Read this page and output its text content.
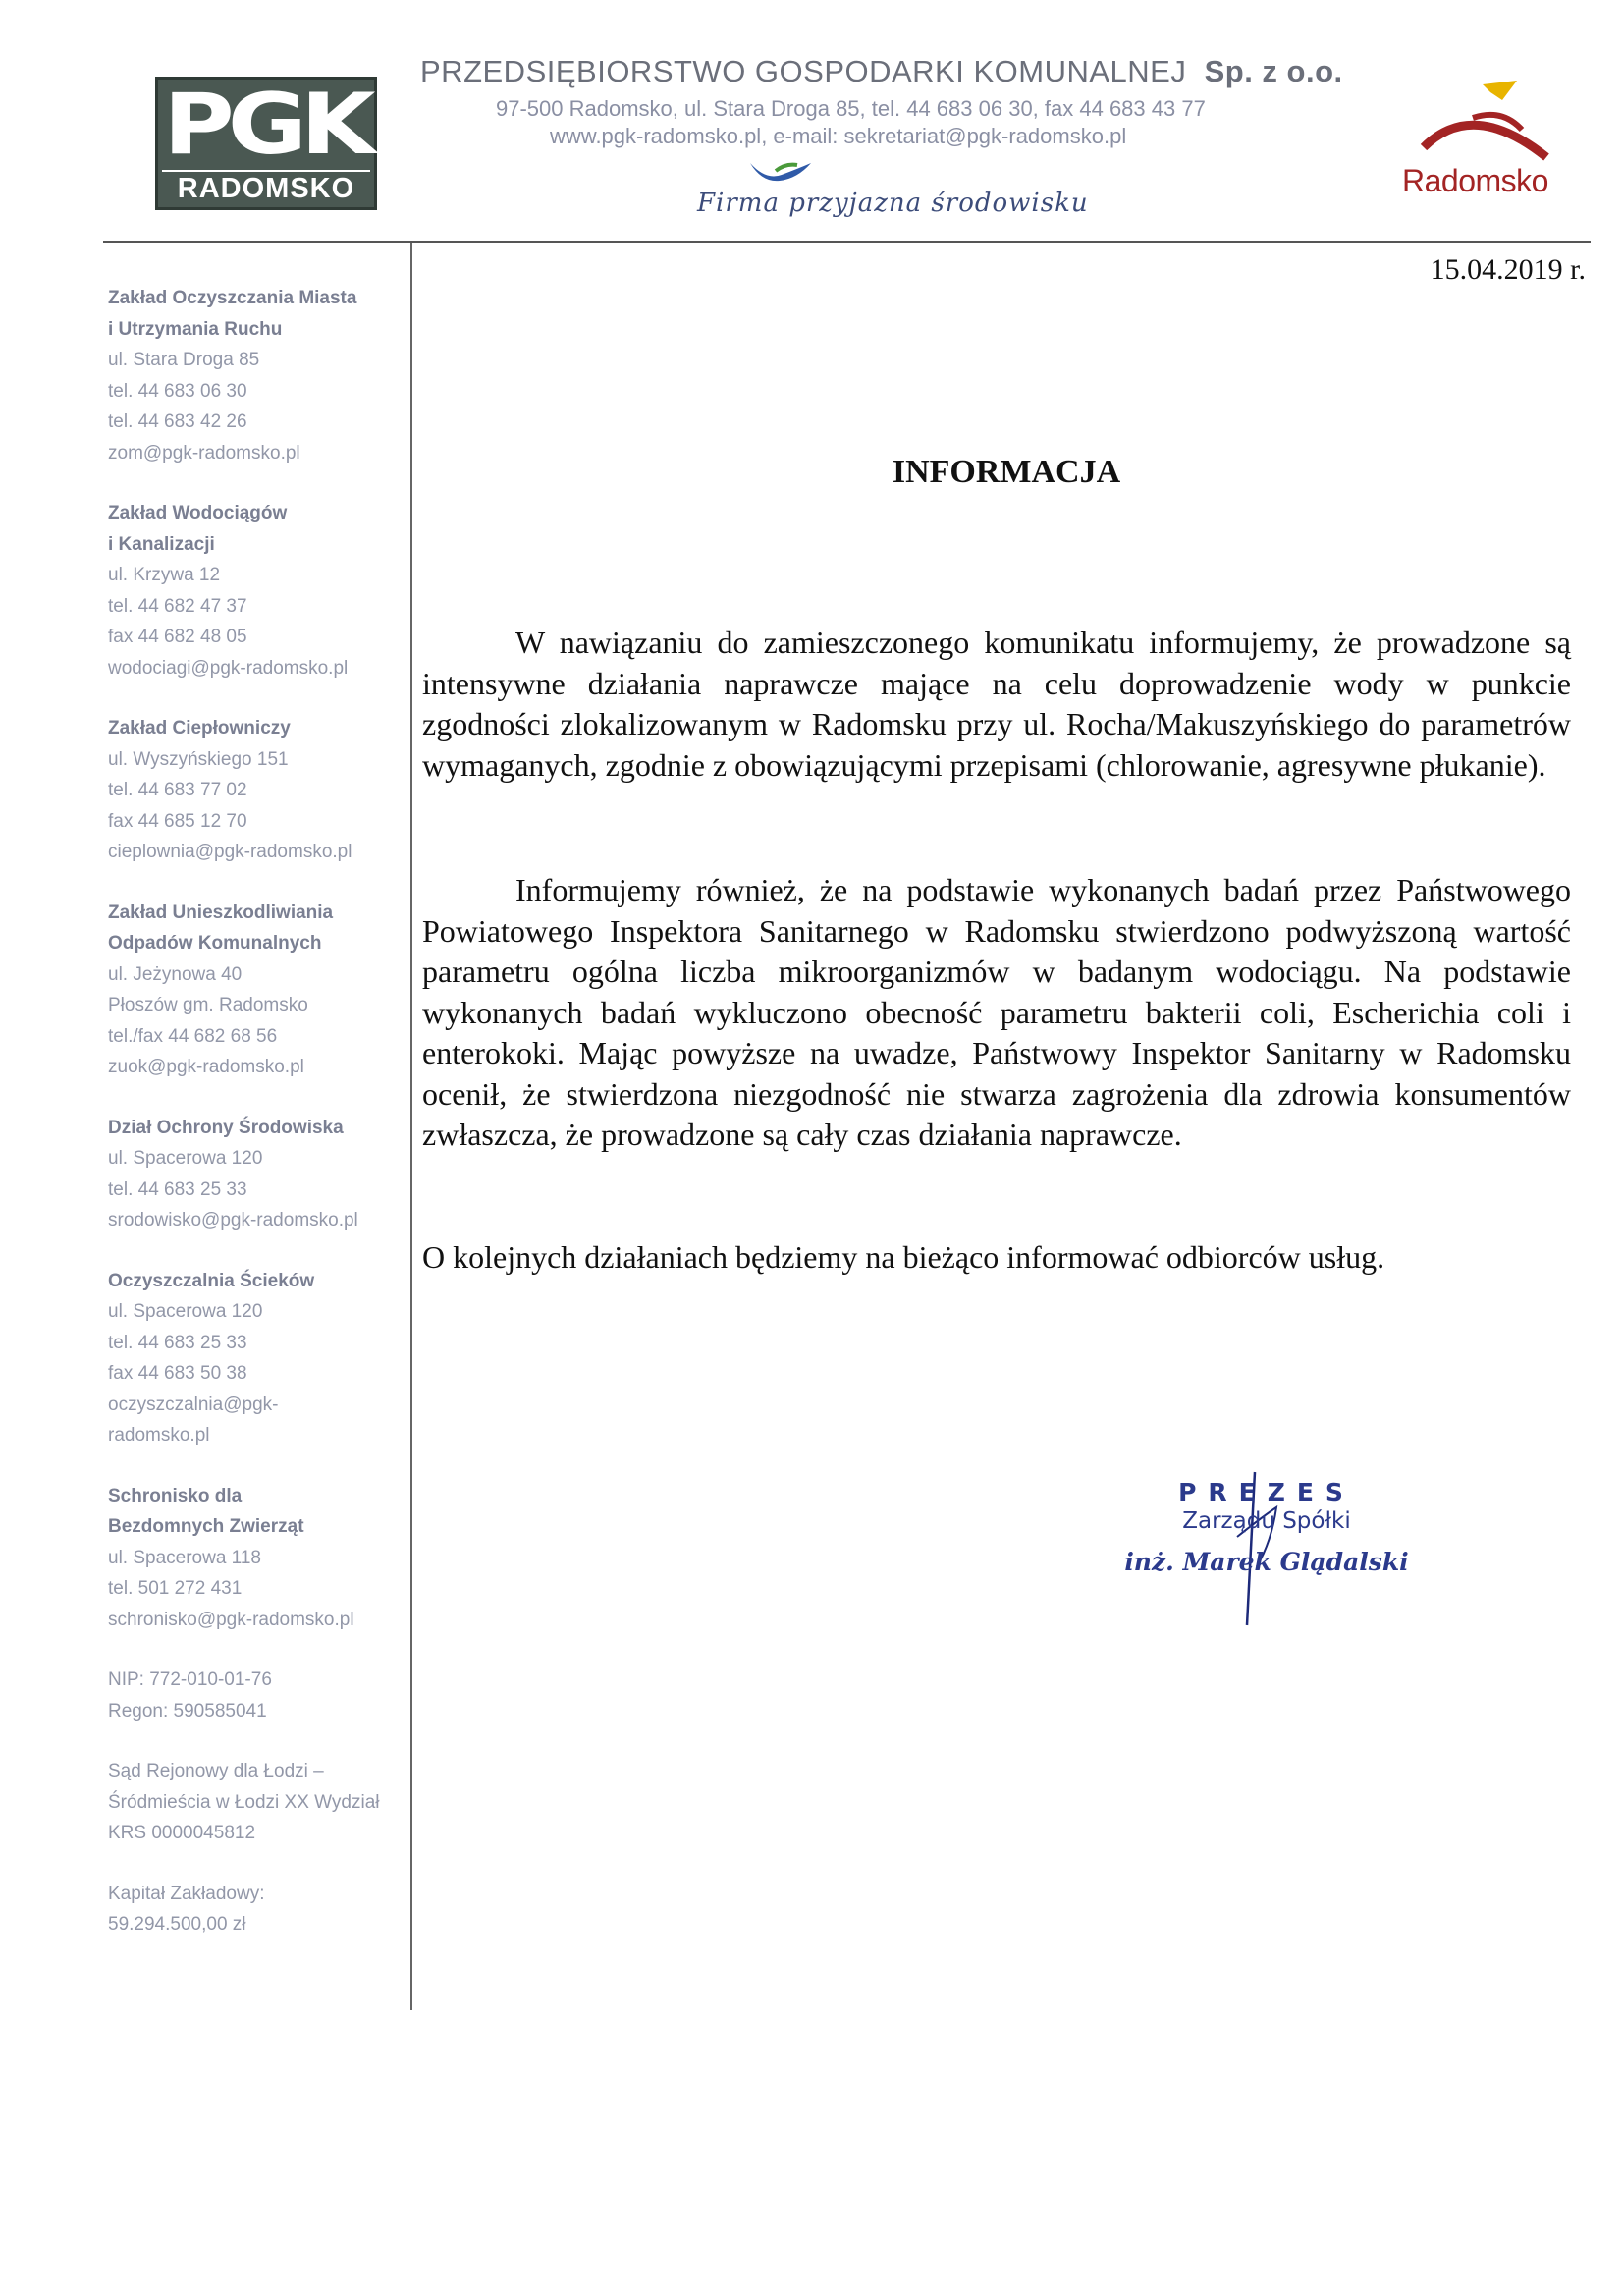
PGK
RADOMSKO
PRZEDSIĘBIORSTWO GOSPODARKI KOMUNALNEJ Sp. z o.o.
97-500 Radomsko, ul. Stara Droga 85, tel. 44 683 06 30, fax 44 683 43 77
www.pgk-radomsko.pl, e-mail: sekretariat@pgk-radomsko.pl
Firma przyjazna środowisku
Radomsko
Zakład Oczyszczania Miasta
i Utrzymania Ruchu
ul. Stara Droga 85
tel. 44 683 06 30
tel. 44 683 42 26
zom@pgk-radomsko.pl
Zakład Wodociągów
i Kanalizacji
ul. Krzywa 12
tel. 44 682 47 37
fax 44 682 48 05
wodociagi@pgk-radomsko.pl
Zakład Ciepłowniczy
ul. Wyszyńskiego 151
tel. 44 683 77 02
fax 44 685 12 70
cieplownia@pgk-radomsko.pl
Zakład Unieszkodliwiania
Odpadów Komunalnych
ul. Jeżynowa 40
Płoszów gm. Radomsko
tel./fax 44 682 68 56
zuok@pgk-radomsko.pl
Dział Ochrony Środowiska
ul. Spacerowa 120
tel. 44 683 25 33
srodowisko@pgk-radomsko.pl
Oczyszczalnia Ścieków
ul. Spacerowa 120
tel. 44 683 25 33
fax 44 683 50 38
oczyszczalnia@pgk-
radomsko.pl
Schronisko dla
Bezdomnych Zwierząt
ul. Spacerowa 118
tel. 501 272 431
schronisko@pgk-radomsko.pl
NIP: 772-010-01-76
Regon: 590585041
Sąd Rejonowy dla Łodzi –
Śródmieścia w Łodzi XX Wydział
KRS 0000045812
Kapitał Zakładowy:
59.294.500,00 zł
15.04.2019 r.
INFORMACJA
W nawiązaniu do zamieszczonego komunikatu informujemy, że prowadzone są intensywne działania naprawcze mające na celu doprowadzenie wody w punkcie zgodności zlokalizowanym w Radomsku przy ul. Rocha/Makuszyńskiego do parametrów wymaganych, zgodnie z obowiązującymi przepisami (chlorowanie, agresywne płukanie).
Informujemy również, że na podstawie wykonanych badań przez Państwowego Powiatowego Inspektora Sanitarnego w Radomsku stwierdzono podwyższoną wartość parametru ogólna liczba mikroorganizmów w badanym wodociągu. Na podstawie wykonanych badań wykluczono obecność parametru bakterii coli, Escherichia coli i enterokoki. Mając powyższe na uwadze, Państwowy Inspektor Sanitarny w Radomsku ocenił, że stwierdzona niezgodność nie stwarza zagrożenia dla zdrowia konsumentów zwłaszcza, że prowadzone są cały czas działania naprawcze.
O kolejnych działaniach będziemy na bieżąco informować odbiorców usług.
PREZES
Zarządu Spółki
inż. Marek Glądalski
